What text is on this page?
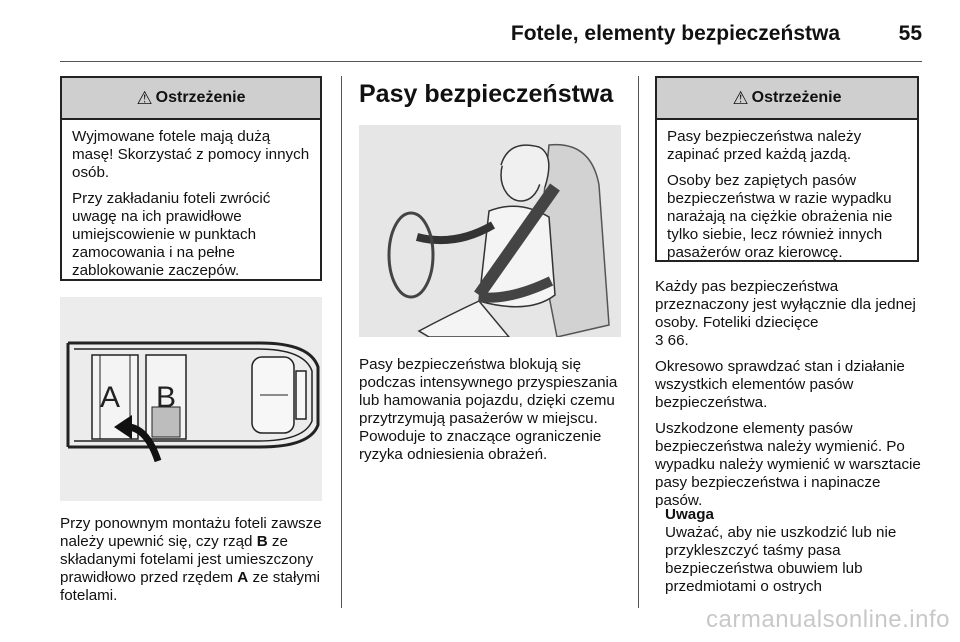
Fotele, elementy bezpieczeństwa	55
⚠ Ostrzeżenie

Wyjmowane fotele mają dużą masę! Skorzystać z pomocy innych osób.

Przy zakładaniu foteli zwrócić uwagę na ich prawidłowe umiejscowienie w punktach zamocowania i na pełne zablokowanie zaczepów.

A B
Przy ponownym montażu foteli zawsze należy upewnić się, czy rząd B ze składanymi fotelami jest umieszczony prawidłowo przed rzędem A ze stałymi fotelami.
Pasy bezpieczeństwa
Pasy bezpieczeństwa blokują się podczas intensywnego przyspieszania lub hamowania pojazdu, dzięki czemu przytrzymują pasażerów w miejscu. Powoduje to znaczące ograniczenie ryzyka odniesienia obrażeń.
⚠ Ostrzeżenie

Pasy bezpieczeństwa należy zapinać przed każdą jazdą.

Osoby bez zapiętych pasów bezpieczeństwa w razie wypadku narażają na ciężkie obrażenia nie tylko siebie, lecz również innych pasażerów oraz kierowcę.

Każdy pas bezpieczeństwa przeznaczony jest wyłącznie dla jednej osoby. Foteliki dziecięce
3 66.

Okresowo sprawdzać stan i działanie wszystkich elementów pasów bezpieczeństwa.

Uszkodzone elementy pasów bezpieczeństwa należy wymienić. Po wypadku należy wymienić w warsztacie pasy bezpieczeństwa i napinacze pasów.

Uwaga
Uważać, aby nie uszkodzić lub nie przykleszczyć taśmy pasa bezpieczeństwa obuwiem lub przedmiotami o ostrych
carmanualsonline.info
